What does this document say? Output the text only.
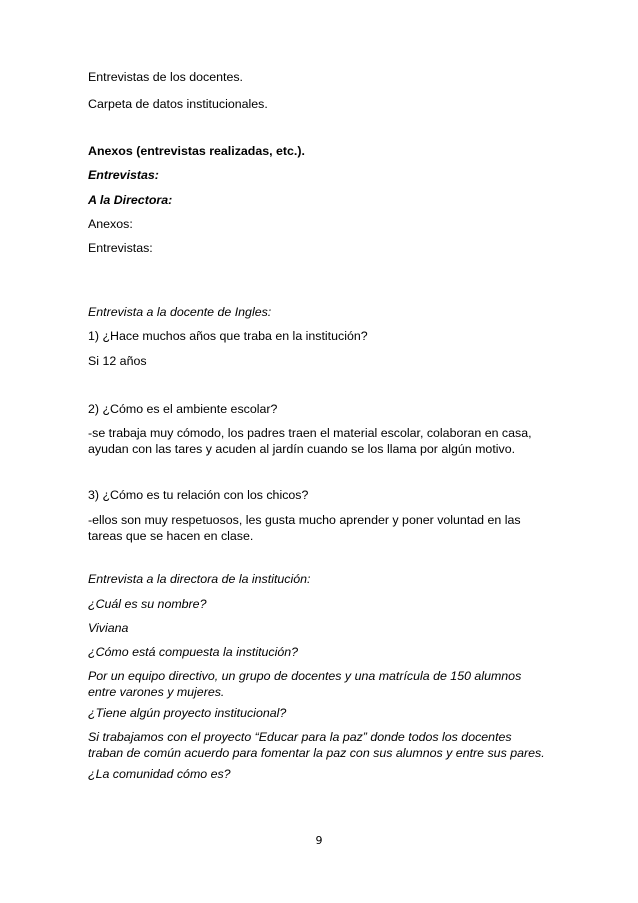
Entrevistas de los docentes.
Carpeta de datos institucionales.
Anexos (entrevistas realizadas, etc.).
Entrevistas:
A la Directora:
Anexos:
Entrevistas:
Entrevista a la docente de Ingles:
1) ¿Hace muchos años que traba en la institución?
Si 12 años
2) ¿Cómo es el ambiente escolar?
-se trabaja muy cómodo, los padres traen el material escolar, colaboran en casa, ayudan con las tares y acuden al jardín cuando se los llama por algún motivo.
3) ¿Cómo es tu relación con los chicos?
-ellos son muy respetuosos, les gusta mucho aprender y poner voluntad en las tareas que se hacen en clase.
Entrevista a la directora de la institución:
¿Cuál es su nombre?
Viviana
¿Cómo está compuesta la institución?
Por un equipo directivo, un grupo de docentes y una matrícula de 150 alumnos entre varones y mujeres.
¿Tiene algún proyecto institucional?
Si trabajamos con el proyecto “Educar para la paz” donde todos los docentes traban de común acuerdo para fomentar la paz con sus alumnos y entre sus pares.
¿La comunidad cómo es?
9
